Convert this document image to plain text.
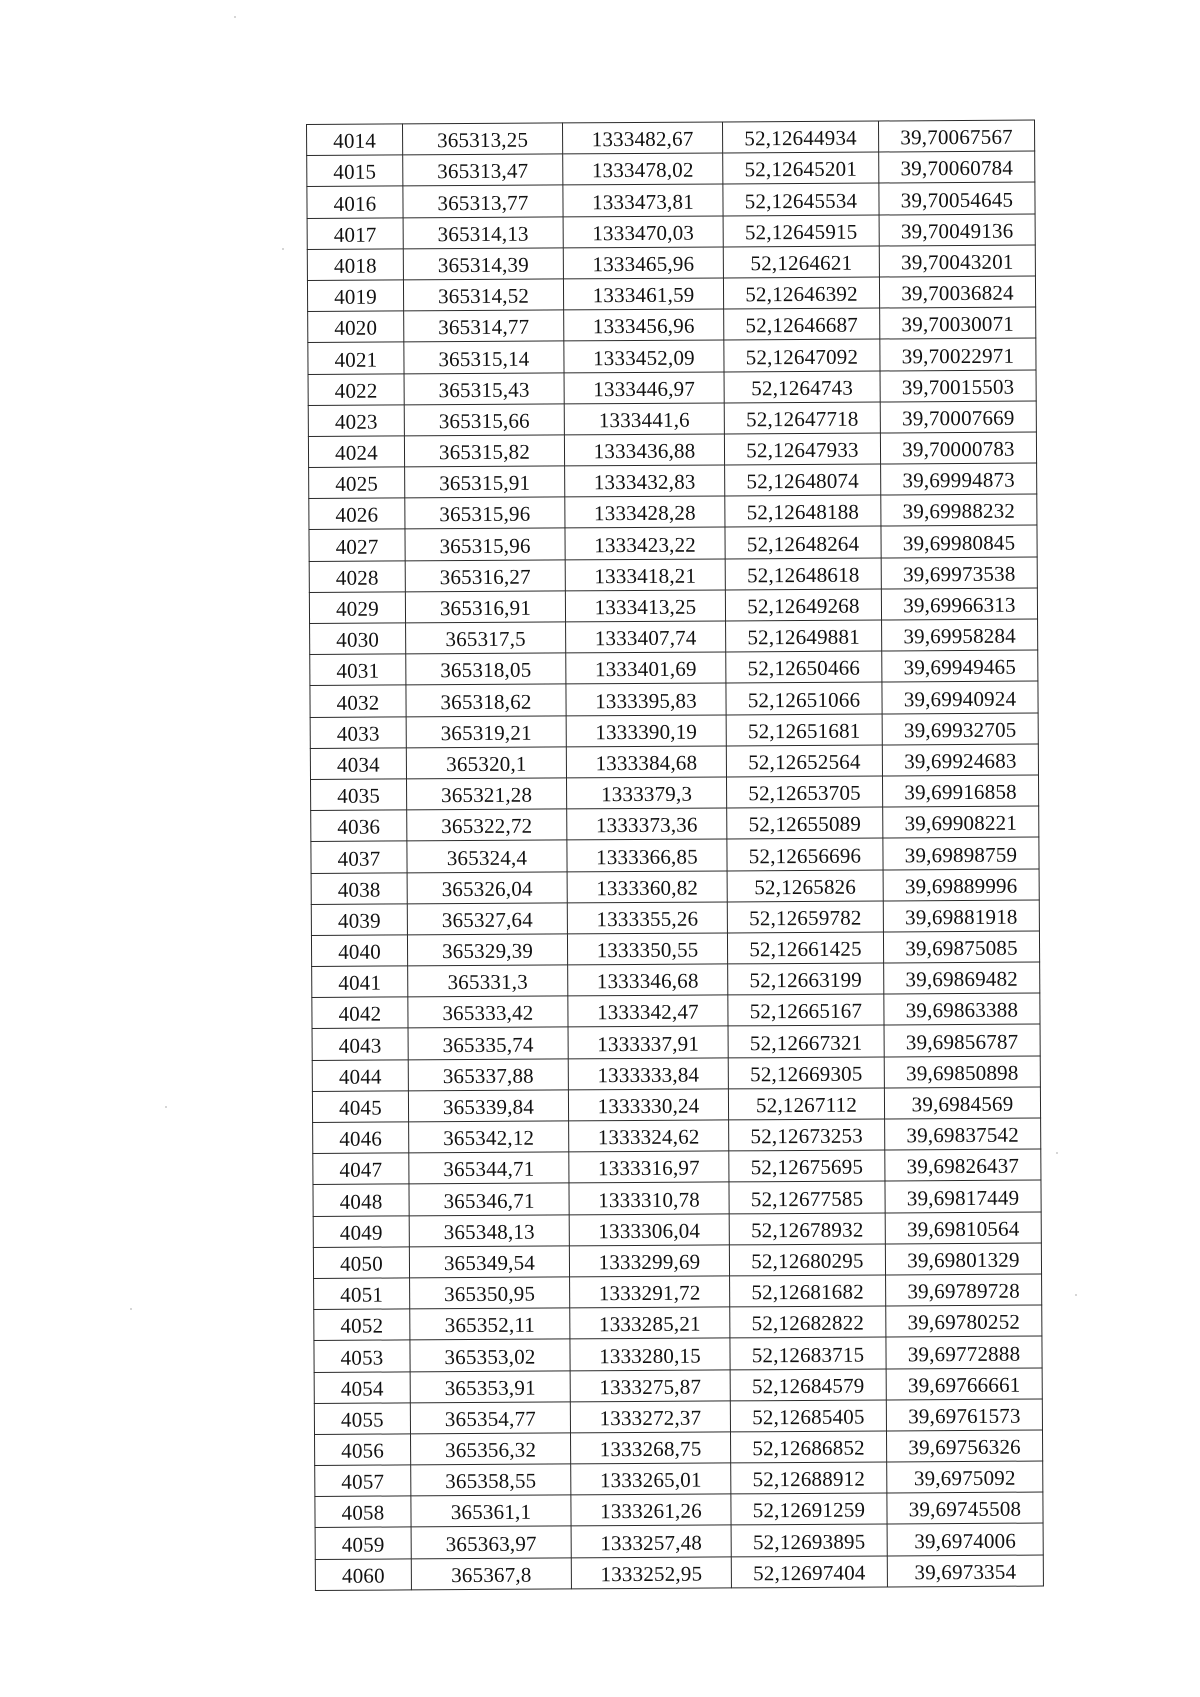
4014	365313,25	1333482,67	52,12644934	39,70067567
4015	365313,47	1333478,02	52,12645201	39,70060784
4016	365313,77	1333473,81	52,12645534	39,70054645
4017	365314,13	1333470,03	52,12645915	39,70049136
4018	365314,39	1333465,96	52,1264621	39,70043201
4019	365314,52	1333461,59	52,12646392	39,70036824
4020	365314,77	1333456,96	52,12646687	39,70030071
4021	365315,14	1333452,09	52,12647092	39,70022971
4022	365315,43	1333446,97	52,1264743	39,70015503
4023	365315,66	1333441,6	52,12647718	39,70007669
4024	365315,82	1333436,88	52,12647933	39,70000783
4025	365315,91	1333432,83	52,12648074	39,69994873
4026	365315,96	1333428,28	52,12648188	39,69988232
4027	365315,96	1333423,22	52,12648264	39,69980845
4028	365316,27	1333418,21	52,12648618	39,69973538
4029	365316,91	1333413,25	52,12649268	39,69966313
4030	365317,5	1333407,74	52,12649881	39,69958284
4031	365318,05	1333401,69	52,12650466	39,69949465
4032	365318,62	1333395,83	52,12651066	39,69940924
4033	365319,21	1333390,19	52,12651681	39,69932705
4034	365320,1	1333384,68	52,12652564	39,69924683
4035	365321,28	1333379,3	52,12653705	39,69916858
4036	365322,72	1333373,36	52,12655089	39,69908221
4037	365324,4	1333366,85	52,12656696	39,69898759
4038	365326,04	1333360,82	52,1265826	39,69889996
4039	365327,64	1333355,26	52,12659782	39,69881918
4040	365329,39	1333350,55	52,12661425	39,69875085
4041	365331,3	1333346,68	52,12663199	39,69869482
4042	365333,42	1333342,47	52,12665167	39,69863388
4043	365335,74	1333337,91	52,12667321	39,69856787
4044	365337,88	1333333,84	52,12669305	39,69850898
4045	365339,84	1333330,24	52,1267112	39,6984569
4046	365342,12	1333324,62	52,12673253	39,69837542
4047	365344,71	1333316,97	52,12675695	39,69826437
4048	365346,71	1333310,78	52,12677585	39,69817449
4049	365348,13	1333306,04	52,12678932	39,69810564
4050	365349,54	1333299,69	52,12680295	39,69801329
4051	365350,95	1333291,72	52,12681682	39,69789728
4052	365352,11	1333285,21	52,12682822	39,69780252
4053	365353,02	1333280,15	52,12683715	39,69772888
4054	365353,91	1333275,87	52,12684579	39,69766661
4055	365354,77	1333272,37	52,12685405	39,69761573
4056	365356,32	1333268,75	52,12686852	39,69756326
4057	365358,55	1333265,01	52,12688912	39,6975092
4058	365361,1	1333261,26	52,12691259	39,69745508
4059	365363,97	1333257,48	52,12693895	39,6974006
4060	365367,8	1333252,95	52,12697404	39,6973354
